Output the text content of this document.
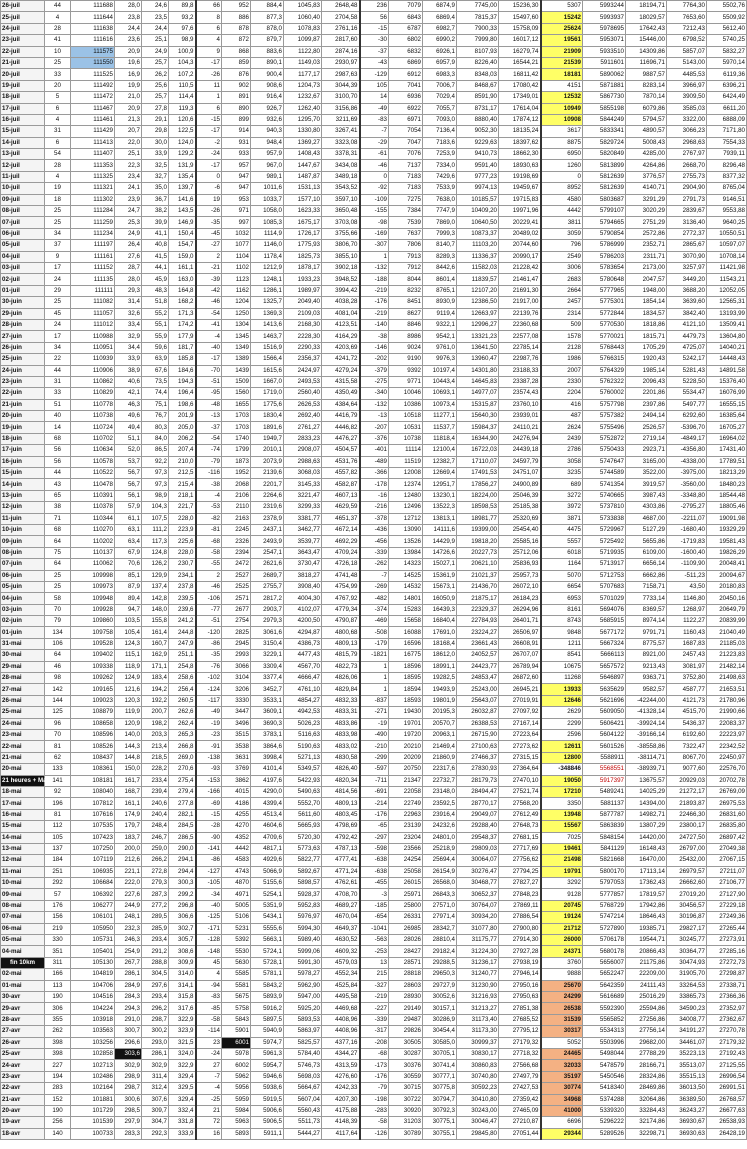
26-juil	44	111688	28,0	24,6	89,8	66	952	884,4	1045,83	2648,48	236	7079	6874,9	7745,00	15236,30	5307	5993244	18194,71	7764,30	5502,76
25-juil	4	111644	23,8	23,5	93,2	8	886	877,3	1060,40	2704,58	56	6843	6869,4	7815,37	15497,60	15242	5993937	18029,57	7653,60	5509,92
24-juil	28	111638	24,4	24,4	97,6	6	878	878,0	1078,83	2761,16	-15	6787	6982,7	7900,33	15758,09	25624	5978695	17642,43	7212,43	5612,40
23-juil	41	111616	23,6	25,1	98,9	4	872	879,7	1099,87	2817,60	-30	6802	6990,2	7999,80	16017,12	19561	5953071	15446,00	6798,52	5740,25
22-juil	10	111575	20,9	24,9	100,9	9	868	883,6	1122,80	2874,16	-37	6832	6926,1	8107,93	16279,74	21909	5933510	14309,86	5857,07	5832,27
21-juil	25	111550	19,6	25,7	104,3	-17	859	890,1	1149,03	2930,97	-43	6869	6957,9	8226,40	16544,21	21539	5911601	11696,71	5143,00	5970,14
20-juil	33	111525	16,9	26,2	107,2	-26	876	900,4	1177,17	2987,63	-129	6912	6983,3	8348,03	16811,42	18181	5890062	9887,57	4485,53	6119,36
19-juil	20	111492	19,9	25,6	110,5	11	902	908,6	1204,73	3044,39	105	7041	7006,7	8468,67	17080,42	4151	5871881	8283,14	3966,97	6396,21
18-juil	5	111472	21,0	25,7	114,4	1	891	916,4	1232,67	3100,70	14	6936	7029,4	8591,90	17349,01	12532	5867730	7870,14	3909,50	6424,49
17-juil	6	111467	20,9	27,8	119,3	6	890	926,7	1262,40	3156,86	-49	6922	7055,7	8731,17	17614,04	10949	5855198	6079,86	3585,03	6611,20
16-juil	4	111461	21,3	29,1	120,6	-15	899	932,6	1295,70	3211,69	-83	6971	7093,0	8880,40	17874,12	10908	5844249	5794,57	3322,00	6888,09
15-juil	31	111429	20,7	29,8	122,5	-17	914	940,3	1330,80	3267,41	-7	7054	7136,4	9052,30	18135,24	3617	5833341	4890,57	3066,23	7171,80
14-juil	6	111413	22,0	30,0	124,0	-2	931	948,4	1369,27	3323,08	-29	7047	7183,6	9229,63	18397,62	8875	5829724	5008,43	2968,63	7554,33
13-juil	54	111407	25,1	33,9	129,2	-24	933	957,9	1408,43	3378,31	-61	7076	7253,9	9410,73	18662,30	6950	5820849	4285,00	2767,97	7939,11
12-juil	28	111353	22,3	32,5	131,9	-17	957	967,0	1447,67	3434,08	-46	7137	7334,0	9591,40	18930,63	1260	5813899	4264,86	2668,70	8296,48
11-juil	4	111325	23,4	32,7	135,4	0	947	989,1	1487,87	3489,18	0	7183	7429,6	9777,23	19198,69	0	5812639	3776,57	2755,73	8377,32
10-juil	19	111321	24,1	35,0	139,7	-6	947	1011,6	1531,13	3543,52	-92	7183	7533,9	9974,13	19459,67	8952	5812639	4140,71	2904,90	8765,04
09-juil	18	111302	23,9	36,7	141,6	19	953	1033,7	1577,10	3597,10	-109	7275	7638,0	10185,57	19715,83	4580	5803687	3291,29	2791,73	9146,51
08-juil	25	111284	24,7	38,2	143,5	-26	971	1058,0	1623,33	3650,48	-155	7384	7747,9	10409,20	19971,96	4442	5799107	3020,29	2839,67	9553,88
07-juil	25	111259	25,3	39,9	146,9	-35	997	1085,3	1675,17	3703,08	-98	7539	7869,0	10640,50	20229,41	3811	5794665	2751,29	3136,40	9640,25
06-juil	34	111234	24,9	41,1	150,4	-45	1032	1114,9	1726,17	3755,66	-169	7637	7999,3	10873,37	20489,02	3059	5790854	2572,86	2772,37	10550,51
05-juil	37	111197	26,4	40,8	154,7	-27	1077	1146,0	1775,93	3806,70	-307	7806	8140,7	11103,20	20744,60	796	5786999	2352,71	2865,67	10597,07
04-juil	9	111161	27,6	41,5	159,0	2	1104	1178,4	1825,73	3855,10	1	7913	8289,3	11336,37	20990,17	2549	5786203	2311,71	3070,90	10708,14
03-juil	17	111152	28,7	44,1	161,1	-21	1102	1212,9	1878,17	3902,18	-132	7912	8442,6	11582,03	21228,42	3006	5783654	2173,00	3257,97	11421,98
02-juil	24	111135	28,0	45,9	163,0	-39	1123	1248,1	1933,23	3948,52	-188	8044	8601,4	11839,57	21461,47	2683	5780648	2047,57	3449,20	11543,21
01-juil	29	111111	29,3	48,3	164,8	-42	1162	1286,1	1989,97	3994,42	-219	8232	8765,1	12107,20	21691,30	2664	5777965	1948,00	3688,20	12052,05
30-juin	25	111082	31,4	51,8	168,2	-46	1204	1325,7	2049,40	4038,28	-176	8451	8930,9	12386,50	21917,00	2457	5775301	1854,14	3639,60	12565,31
29-juin	45	111057	32,6	55,2	171,3	-54	1250	1369,3	2109,03	4081,04	-219	8627	9119,4	12663,97	22139,76	2314	5772844	1834,57	3842,40	13193,99
28-juin	24	111012	33,4	55,1	174,2	-41	1304	1413,6	2168,30	4123,51	-140	8846	9322,1	12996,27	22360,68	509	5770530	1818,86	4121,10	13509,41
27-juin	17	110988	32,9	55,9	177,9	-4	1345	1463,7	2228,30	4164,29	-38	8986	9542,1	13321,23	22577,08	1578	5770021	1815,71	4479,73	13604,80
26-juin	34	110951	34,4	59,6	181,7	-40	1349	1516,9	2290,33	4203,69	-146	9024	9761,0	13641,50	22785,14	2128	5768443	1705,29	4725,07	14040,21
25-juin	22	110939	33,9	63,9	185,8	-17	1389	1566,4	2356,37	4241,72	-202	9190	9976,3	13960,47	22987,76	1986	5766315	1920,43	5242,17	14448,43
24-juin	44	110906	38,9	67,6	184,6	-70	1439	1615,6	2424,97	4279,24	-379	9392	10197,4	14301,80	23188,33	2007	5764329	1985,14	5281,43	14891,58
23-juin	31	110862	40,6	73,5	194,3	-51	1509	1667,0	2493,53	4315,58	-275	9771	10443,4	14645,83	23387,28	2330	5762322	2096,43	5228,50	15376,40
22-juin	33	110829	42,1	74,4	196,4	-95	1560	1719,0	2560,40	4350,49	-340	10046	10693,1	14977,07	23574,43	2204	5760002	2201,86	5534,47	16076,99
21-juin	51	110778	46,3	75,1	198,6	-48	1655	1775,6	2626,53	4384,64	-132	10386	10973,4	15315,87	23760,10	416	5757798	2397,86	5497,77	16555,15
20-juin	40	110738	49,6	76,7	201,9	-13	1703	1830,4	2692,40	4416,79	-13	10518	11277,1	15640,30	23939,01	487	5757382	2494,14	6292,60	16385,64
19-juin	14	110724	49,4	80,3	205,0	-37	1703	1891,6	2761,27	4446,82	-207	10531	11537,7	15984,37	24110,21	2624	5755496	2526,57	-5396,70	16705,27
18-juin	68	110702	51,1	84,0	206,2	-54	1740	1949,7	2833,23	4476,27	-376	10738	11818,4	16344,90	24276,94	2439	5752872	2719,14	-4849,17	16964,02
17-juin	56	110634	52,0	86,5	207,4	-74	1799	2010,1	2908,07	4504,57	-401	11114	12100,4	16722,03	24439,18	2786	5750433	2923,71	-4356,80	17431,40
16-juin	56	110578	53,7	92,2	210,0	-79	1873	2073,9	2988,63	4531,76	-489	11519	12382,7	17110,07	24597,79	3058	5747647	3165,00	-4338,00	17789,51
15-juin	44	110522	56,7	97,3	212,5	-116	1952	2139,6	3068,03	4557,82	-366	12008	12669,4	17491,53	24751,07	3235	5744589	3522,00	-3975,00	18213,29
14-juin	43	110478	56,7	97,3	215,4	-38	2068	2201,7	3145,33	4582,87	-178	12374	12951,7	17856,27	24900,89	689	5741354	3919,57	-3560,00	18480,23
13-juin	65	110391	56,1	98,9	218,1	-4	2106	2264,6	3221,47	4607,13	-16	12480	13230,1	18224,00	25046,39	3272	5740665	3987,43	-3348,80	18544,48
12-juin	38	110378	57,9	104,3	221,7	-53	2110	2319,6	3299,33	4629,59	-216	12496	13522,3	18598,53	25185,38	3972	5737810	4303,86	-2795,27	18805,46
11-juin	71	110344	61,1	107,5	228,0	-82	2163	2378,9	3381,77	4651,37	-378	12712	13813,1	18981,77	25320,69	3871	5733838	4687,00	-2211,07	19091,98
10-juin	68	110270	63,1	111,2	223,9	-81	2245	2437,1	3462,77	4672,14	-436	13090	14111,6	19399,00	25454,40	4475	5729967	5127,29	-1680,40	19329,29
09-juin	64	110202	63,4	117,3	225,6	-68	2326	2493,9	3539,77	4692,29	-456	13526	14429,9	19818,20	25585,16	5557	5725492	5655,86	-1719,83	19581,43
08-juin	75	110137	67,9	124,8	228,0	-58	2394	2547,1	3643,47	4709,24	-339	13984	14726,6	20227,73	25712,06	6018	5719935	6109,00	-1600,40	19826,29
07-juin	64	110062	70,6	126,2	230,7	-55	2472	2621,6	3730,47	4726,18	-262	14323	15027,1	20621,10	25836,93	1164	5713917	6656,14	-1109,90	20048,41
06-juin	25	109998	85,1	129,9	234,1	2	2527	2689,7	3818,27	4741,48	-7	14525	15361,9	21021,37	25957,73	5070	5712753	6662,86	-511,23	20094,67
05-juin	25	109973	87,9	137,4	237,8	-46	2525	2755,7	3908,40	4754,99	-269	14532	15673,1	21436,70	26072,10	6654	5707683	7158,71	43,50	20180,83
04-juin	58	109948	89,4	142,8	239,5	-106	2571	2817,2	4004,30	4767,92	-482	14801	16050,9	21875,17	26184,23	6953	5701029	7733,14	1146,80	20450,16
03-juin	70	109928	94,7	148,0	239,6	-77	2677	2903,7	4102,07	4779,34	-374	15283	16439,3	22329,37	26294,96	8161	5694076	8369,57	1268,97	20649,79
02-juin	79	109860	103,5	155,8	241,2	-51	2754	2979,3	4200,50	4790,87	-469	15658	16840,4	22784,93	26401,71	8743	5685915	8974,14	1122,27	20839,99
01-juin	134	109758	105,4	161,4	244,8	-120	2825	3061,6	4294,87	4800,68	-508	16088	17691,0	23224,27	26506,97	9848	5677172	9791,71	1160,43	21040,49
31-mai	106	109528	124,3	160,7	247,9	-86	2945	3150,4	4386,73	4809,13	-179	16596	18168,4	23661,43	26608,91	1211	5667324	8775,57	1687,83	21185,03
30-mai	64	109402	115,1	162,9	251,1	-35	2993	3229,1	4477,43	4815,79	-1821	16775	18612,0	24052,57	26707,07	8541	5666113	8921,00	2457,43	21223,83
29-mai	46	109338	118,9	171,1	254,8	-76	3066	3309,4	4567,70	4822,73	1	18596	18991,1	24423,77	26789,94	10675	5657572	9213,43	3081,97	21482,14
28-mai	98	109262	124,9	183,4	258,6	-102	3104	3377,4	4666,47	4826,06	1	18595	19282,5	24853,47	26872,60	11268	5646897	9363,71	3752,80	21498,63
27-mai	142	109165	121,6	194,2	256,4	-124	3206	3452,7	4761,10	4829,84	1	18594	19493,9	25243,00	26945,21	13933	5635629	9582,57	4587,77	21653,51
26-mai	144	109023	120,3	192,2	260,5	-117	3330	3533,1	4854,27	4832,33	-837	18593	19801,9	25643,07	27019,91	12646	5621696	-42244,00	4121,73	21780,96
25-mai	125	108879	119,9	200,7	262,6	-49	3447	3609,1	4942,53	4833,31	-271	19430	20195,3	26032,87	27097,92	2629	5609050	-41328,14	4515,70	21990,66
24-mai	96	108658	120,9	198,2	262,4	-19	3496	3690,3	5026,23	4833,86	-19	19701	20570,7	26388,53	27167,14	2299	5606421	-39924,14	5436,37	22083,37
23-mai	70	108596	140,0	203,3	265,3	-23	3515	3783,1	5116,63	4833,98	-490	19720	20963,1	26715,90	27223,64	2596	5604122	-39166,14	6192,60	22223,97
22-mai	81	108526	144,3	213,4	266,8	-91	3538	3864,6	5190,63	4833,02	-210	20210	21469,4	27100,63	27273,62	12611	5601526	-38558,86	7322,47	22342,52
21-mai	62	108437	144,8	218,5	269,0	-138	3631	3998,4	5271,13	4830,58	-299	20209	21860,9	27466,37	27315,15	12800	5588911	-38114,71	8067,70	22450,97
20-mai	133	108361	150,0	228,2	270,6	-93	3769	4101,4	5349,57	4826,40	-597	20750	22317,6	27830,93	27364,64	-348846	5568551	-38939,71	9077,60	22576,70
21 heures + Mag	141	108181	161,7	233,4	275,4	-153	3862	4197,6	5422,93	4820,34	-711	21347	22732,7	28179,73	27470,10	19050	5917397	13675,57	20929,03	20702,78
18-mai	92	108040	168,7	239,4	279,4	-166	4015	4290,0	5490,63	4814,56	-691	22058	23148,0	28494,47	27521,74	17210	5489241	14025,29	21272,17	26769,09
17-mai	196	107812	161,1	240,6	277,8	-69	4186	4399,4	5552,70	4809,13	-214	22749	23592,5	28770,17	27568,20	3350	5881137	14394,00	21893,87	26975,53
16-mai	81	107616	174,9	240,4	282,1	-15	4255	4513,4	5611,60	4803,45	-176	22963	23916,4	29049,07	27612,49	13948	5877787	14982,71	22466,30	26831,60
15-mai	112	107535	179,7	248,4	284,5	-28	4270	4604,6	5665,93	4798,69	-65	23139	24232,6	29288,40	27648,73	15567	5863839	13807,29	23800,17	26835,80
14-mai	105	107423	183,7	246,7	286,5	-90	4352	4709,6	5720,30	4792,42	-297	23204	24801,0	29548,37	27681,15	7025	5848154	14420,00	24727,50	26897,42
13-mai	137	107250	200,0	259,0	290,0	-141	4442	4817,1	5773,63	4787,13	-598	23566	25218,9	29809,03	27717,69	19461	5841129	16148,43	26797,00	27049,38
12-mai	184	107119	212,6	266,2	294,1	-86	4583	4929,6	5822,77	4777,41	-638	24254	25694,4	30064,07	27756,62	21498	5821668	16470,00	25432,00	27067,15
11-mai	251	106935	221,1	272,8	294,4	-127	4743	5066,9	5892,67	4771,24	-638	25058	26154,9	30276,47	27794,25	19791	5800170	17113,14	26979,57	27211,07
10-mai	292	106684	222,0	279,3	300,3	-105	4870	5155,6	5898,57	4762,61	-455	26015	26568,0	30468,77	27827,27	3292	5797053	17362,43	26662,60	27106,77
09-mai	57	106392	227,6	287,3	299,2	-34	4971	5254,1	5928,37	4708,70	-3	25971	26843,3	30652,37	27848,23	9128	5777857	17819,57	27019,20	27127,90
08-mai	176	106277	244,9	277,2	296,8	-40	5005	5351,9	5952,83	4689,27	-185	25800	27571,0	30764,07	27869,11	20745	5768729	17942,86	30456,57	27229,18
07-mai	156	106101	248,1	289,5	306,6	-125	5106	5434,1	5976,97	4670,04	-654	26331	27971,4	30934,20	27886,54	19124	5747214	18646,43	30196,87	27249,36
06-mai	219	105950	232,3	285,9	302,7	-171	5231	5555,6	5994,30	4649,37	-1041	26985	28342,7	31077,80	27900,80	21712	5727890	19385,71	29827,17	27265,44
05-mai	330	105731	246,3	293,4	305,7	-128	5392	5663,1	5989,40	4630,52	-563	28026	28810,4	31175,77	27914,30	26000	5706178	19544,71	30245,77	27273,91
04-mai	351	105401	254,9	291,2	308,6	-148	5530	5724,1	5999,06	4609,32	-253	28427	29182,4	31224,30	27927,28	24371	5680178	20866,43	30364,77	27285,16
fin 10km	311	105130	267,7	288,8	309,9	45	5630	5728,1	5991,30	4579,03	13	28571	29288,5	31236,17	27938,19	3760	5656007	21175,86	30474,93	27272,73
02-mai	166	104819	286,1	304,5	314,0	4	5585	5781,1	5978,27	4552,34	215	28818	29650,3	31240,77	27946,14	9888	5652247	22209,00	31905,70	27298,87
01-mai	113	104706	284,9	297,6	314,1	-94	5581	5843,2	5962,90	4525,84	-327	28603	29727,9	31230,90	27950,16	25670	5642359	24111,43	33264,53	27338,71
30-avr	190	104516	284,3	293,4	315,8	-83	5675	5893,9	5947,00	4495,58	-219	28930	30052,6	31216,93	27950,63	24299	5616689	25016,29	33865,73	27366,36
29-avr	306	104224	294,3	296,2	317,6	-85	5758	5916,2	5925,20	4469,68	-227	29149	30157,1	31213,27	27851,38	26538	5592390	25594,86	34590,23	27352,97
28-avr	355	103918	291,0	298,7	322,9	-58	5843	5897,5	5893,53	4408,96	-339	29487	30286,9	31173,40	27685,52	31539	5565852	27256,86	34008,77	27362,67
27-avr	262	103563	300,7	300,2	323,9	-114	5901	5940,9	5863,97	4408,96	-317	29826	30454,4	31173,30	27795,12	30317	5534313	27756,14	34191,27	27270,78
26-avr	398	103256	296,6	293,0	321,5	23	6001	5974,7	5825,57	4377,16	-208	30505	30585,0	30999,37	27179,32	5052	5503996	29682,00	34461,07	27179,32
25-avr	398	102858	303,6	286,1	324,0	-24	5978	5961,3	5784,40	4344,27	-68	30287	30705,1	30830,17	27718,32	24465	5498044	27788,29	35223,13	27192,43
24-avr	227	102713	302,9	302,9	322,9	27	6002	5954,7	5746,73	4313,59	-173	30376	30741,4	30860,83	27566,68	32033	5478579	28166,71	35513,07	27125,55
23-avr	194	102486	298,9	311,4	329,4	-7	5962	5946,6	5698,03	4276,60	-176	30559	30777,1	30740,80	27497,79	35197	5450546	28324,86	35515,13	26996,54
22-avr	283	102164	298,7	312,4	329,5	-4	5956	5938,6	5664,67	4242,33	-79	30715	30775,8	30592,23	27427,53	30774	5418340	28469,86	36013,50	26991,51
21-avr	152	101881	300,6	307,6	329,4	-25	5959	5919,5	5607,04	4207,30	-198	30722	30794,7	30410,80	27359,42	34968	5374288	32064,86	36389,50	26768,57
20-avr	190	101729	298,5	309,7	332,4	21	5984	5906,6	5560,43	4175,88	-283	30920	30792,3	30243,00	27465,09	41000	5339320	33284,43	36243,27	26677,63
19-avr	256	101539	297,9	304,7	331,8	72	5963	5906,5	5511,73	4148,39	-58	31203	30775,1	30046,47	27210,87	6696	5296222	32174,86	36930,67	26538,93
18-avr	140	100733	283,3	292,3	333,9	16	5893	5911,1	5444,27	4117,64	-126	30789	30755,1	29845,80	27051,44	29344	5289526	32298,71	36930,63	26428,19
